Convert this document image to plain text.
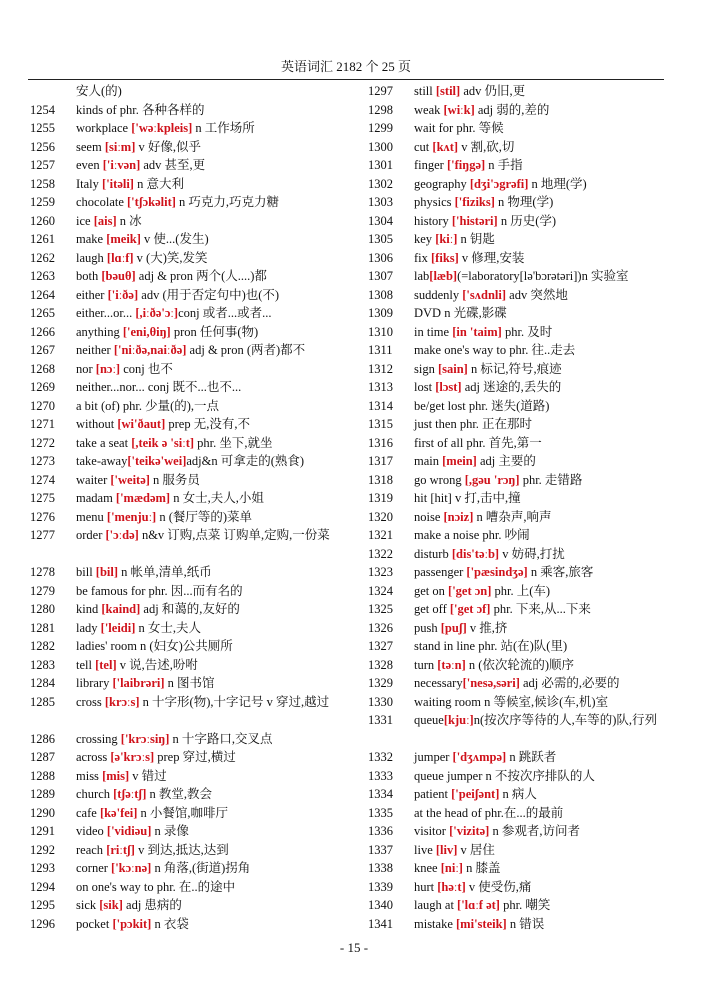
英语词汇 2182 个 25 页
安人(的)
1254 kinds of phr. 各种各样的
1255 workplace ['wəːkpleis] n 工作场所
1256 seem [siːm] v 好像,似乎
1257 even ['iːvən] adv 甚至,更
1258 Italy ['itəli] n 意大利
1259 chocolate ['tʃɔkəlit] n 巧克力,巧克力糖
1260 ice [ais] n 冰
1261 make [meik] v 使...(发生)
1262 laugh [lɑːf] v (大)笑,发笑
1263 both [bəuθ] adj & pron 两个(人....)都
1264 either ['iːðə] adv (用于否定句中)也(不)
1265 either...or... [,iːðə'ɔː]conj 或者...或者...
1266 anything ['eni,θiŋ] pron 任何事(物)
1267 neither ['niːðə,naiːðə] adj & pron (两者)都不
1268 nor [nɔː] conj 也不
1269 neither...nor... conj 既不...也不...
1270 a bit (of) phr. 少量(的),一点
1271 without [wi'ðaut] prep 无,没有,不
1272 take a seat [,teik ə 'siːt] phr. 坐下,就坐
1273 take-away['teikə'wei]adj&n 可拿走的(熟食)
1274 waiter ['weitə] n 服务员
1275 madam ['mædəm] n 女士,夫人,小姐
1276 menu ['menjuː] n (餐厅等的)菜单
1277 order ['ɔːdə] n&v 订购,点菜 订购单,定购,一份菜
1278 bill [bil] n 帐单,清单,纸币
1279 be famous for phr. 因...而有名的
1280 kind [kaind] adj 和蔼的,友好的
1281 lady ['leidi] n 女士,夫人
1282 ladies' room n (妇女)公共厕所
1283 tell [tel] v 说,告述,吩咐
1284 library ['laibrəri] n 图书馆
1285 cross [krɔːs] n 十字形(物),十字记号 v 穿过,越过
1286 crossing ['krɔːsiŋ] n 十字路口,交叉点
1287 across [ə'krɔːs] prep 穿过,横过
1288 miss [mis] v 错过
1289 church [tʃəːtʃ] n 教堂,教会
1290 cafe [kə'fei] n 小餐馆,咖啡厅
1291 video ['vidiəu] n 录像
1292 reach [riːtʃ] v 到达,抵达,达到
1293 corner ['kɔːnə] n 角落,(街道)拐角
1294 on one's way to phr. 在..的途中
1295 sick [sik] adj 患病的
1296 pocket ['pɔkit] n 衣袋
1297 still [stil] adv 仍旧,更
1298 weak [wiːk] adj 弱的,差的
1299 wait for phr. 等候
1300 cut [kʌt] v 割,砍,切
1301 finger ['fiŋgə] n 手指
1302 geography [dʒi'ɔgrəfi] n 地理(学)
1303 physics ['fiziks] n 物理(学)
1304 history ['histəri] n 历史(学)
1305 key [kiː] n 钥匙
1306 fix [fiks] v 修理,安装
1307 lab[læb](=laboratory[lə'bɔrətəri])n 实验室
1308 suddenly ['sʌdnli] adv 突然地
1309 DVD n 光碟,影碟
1310 in time [in 'taim] phr. 及时
1311 make one's way to phr. 往..走去
1312 sign [sain] n 标记,符号,痕迹
1313 lost [lɔst] adj 迷途的,丢失的
1314 be/get lost phr. 迷失(道路)
1315 just then phr. 正在那时
1316 first of all phr. 首先,第一
1317 main [mein] adj 主要的
1318 go wrong [,gəu 'rɔŋ] phr. 走错路
1319 hit [hit] v 打,击中,撞
1320 noise [nɔiz] n 嘈杂声,响声
1321 make a noise phr. 吵闹
1322 disturb [dis'təːb] v 妨碍,打扰
1323 passenger ['pæsindʒə] n 乘客,旅客
1324 get on ['get ɔn] phr. 上(车)
1325 get off ['get ɔf] phr. 下来,从...下来
1326 push [puʃ] v 推,挤
1327 stand in line phr. 站(在)队(里)
1328 turn [təːn] n (依次轮流的)顺序
1329 necessary['nesə,səri] adj 必需的,必要的
1330 waiting room n 等候室,候诊(车,机)室
1331 queue[kjuː]n(按次序等待的人,车等的)队,行列
1332 jumper ['dʒʌmpə] n 跳跃者
1333 queue jumper n 不按次序排队的人
1334 patient ['peiʃənt] n 病人
1335 at the head of phr.在...的最前
1336 visitor ['vizitə] n 参观者,访问者
1337 live [liv] v 居住
1338 knee [niː] n 膝盖
1339 hurt [həːt] v 使受伤,痛
1340 laugh at ['lɑːf ət] phr. 嘲笑
1341 mistake [mi'steik] n 错误
- 15 -
